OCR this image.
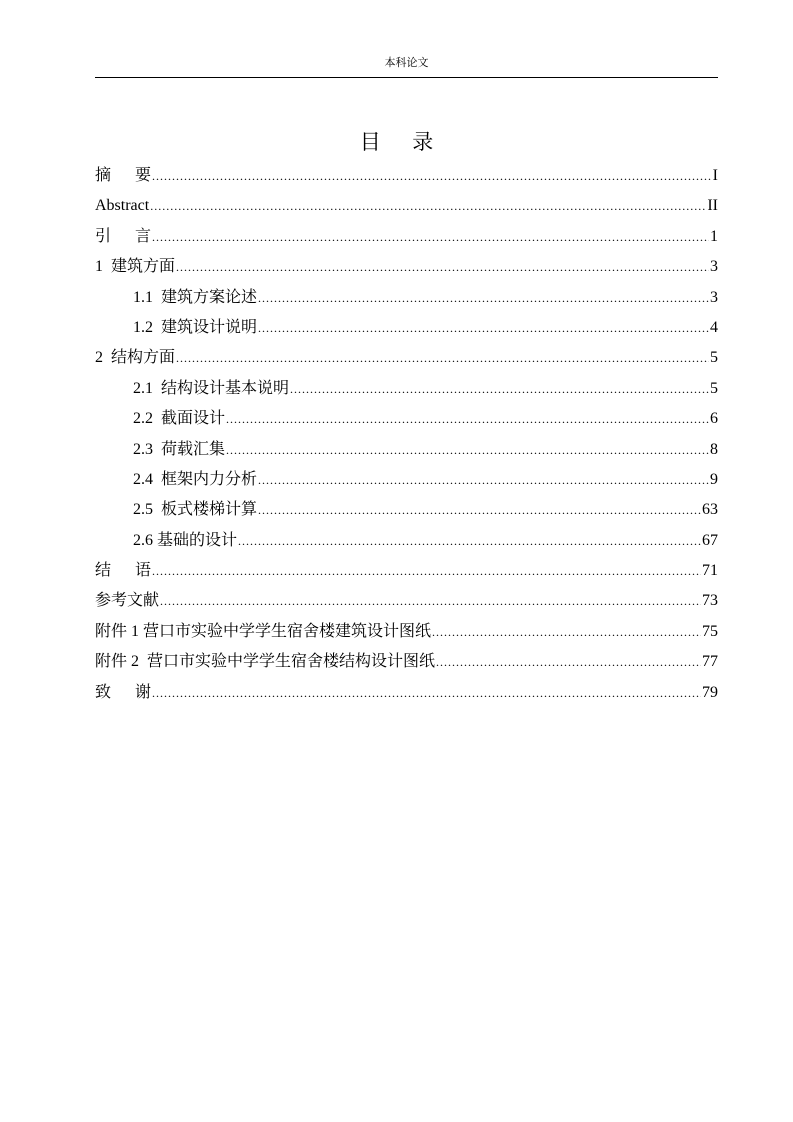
本科论文
目      录
摘      要 .....	I
Abstract .....	II
引      言 .....	1
1  建筑方面 .....	3
1.1  建筑方案论述 .....	3
1.2  建筑设计说明 .....	4
2  结构方面 .....	5
2.1  结构设计基本说明 .....	5
2.2  截面设计 .....	6
2.3  荷载汇集 .....	8
2.4  框架内力分析 .....	9
2.5  板式楼梯计算 .....	63
2.6 基础的设计 .....	67
结      语 .....	71
参考文献 .....	73
附件 1 营口市实验中学学生宿舍楼建筑设计图纸 .....	75
附件 2  营口市实验中学学生宿舍楼结构设计图纸 .....	77
致      谢 .....	79
